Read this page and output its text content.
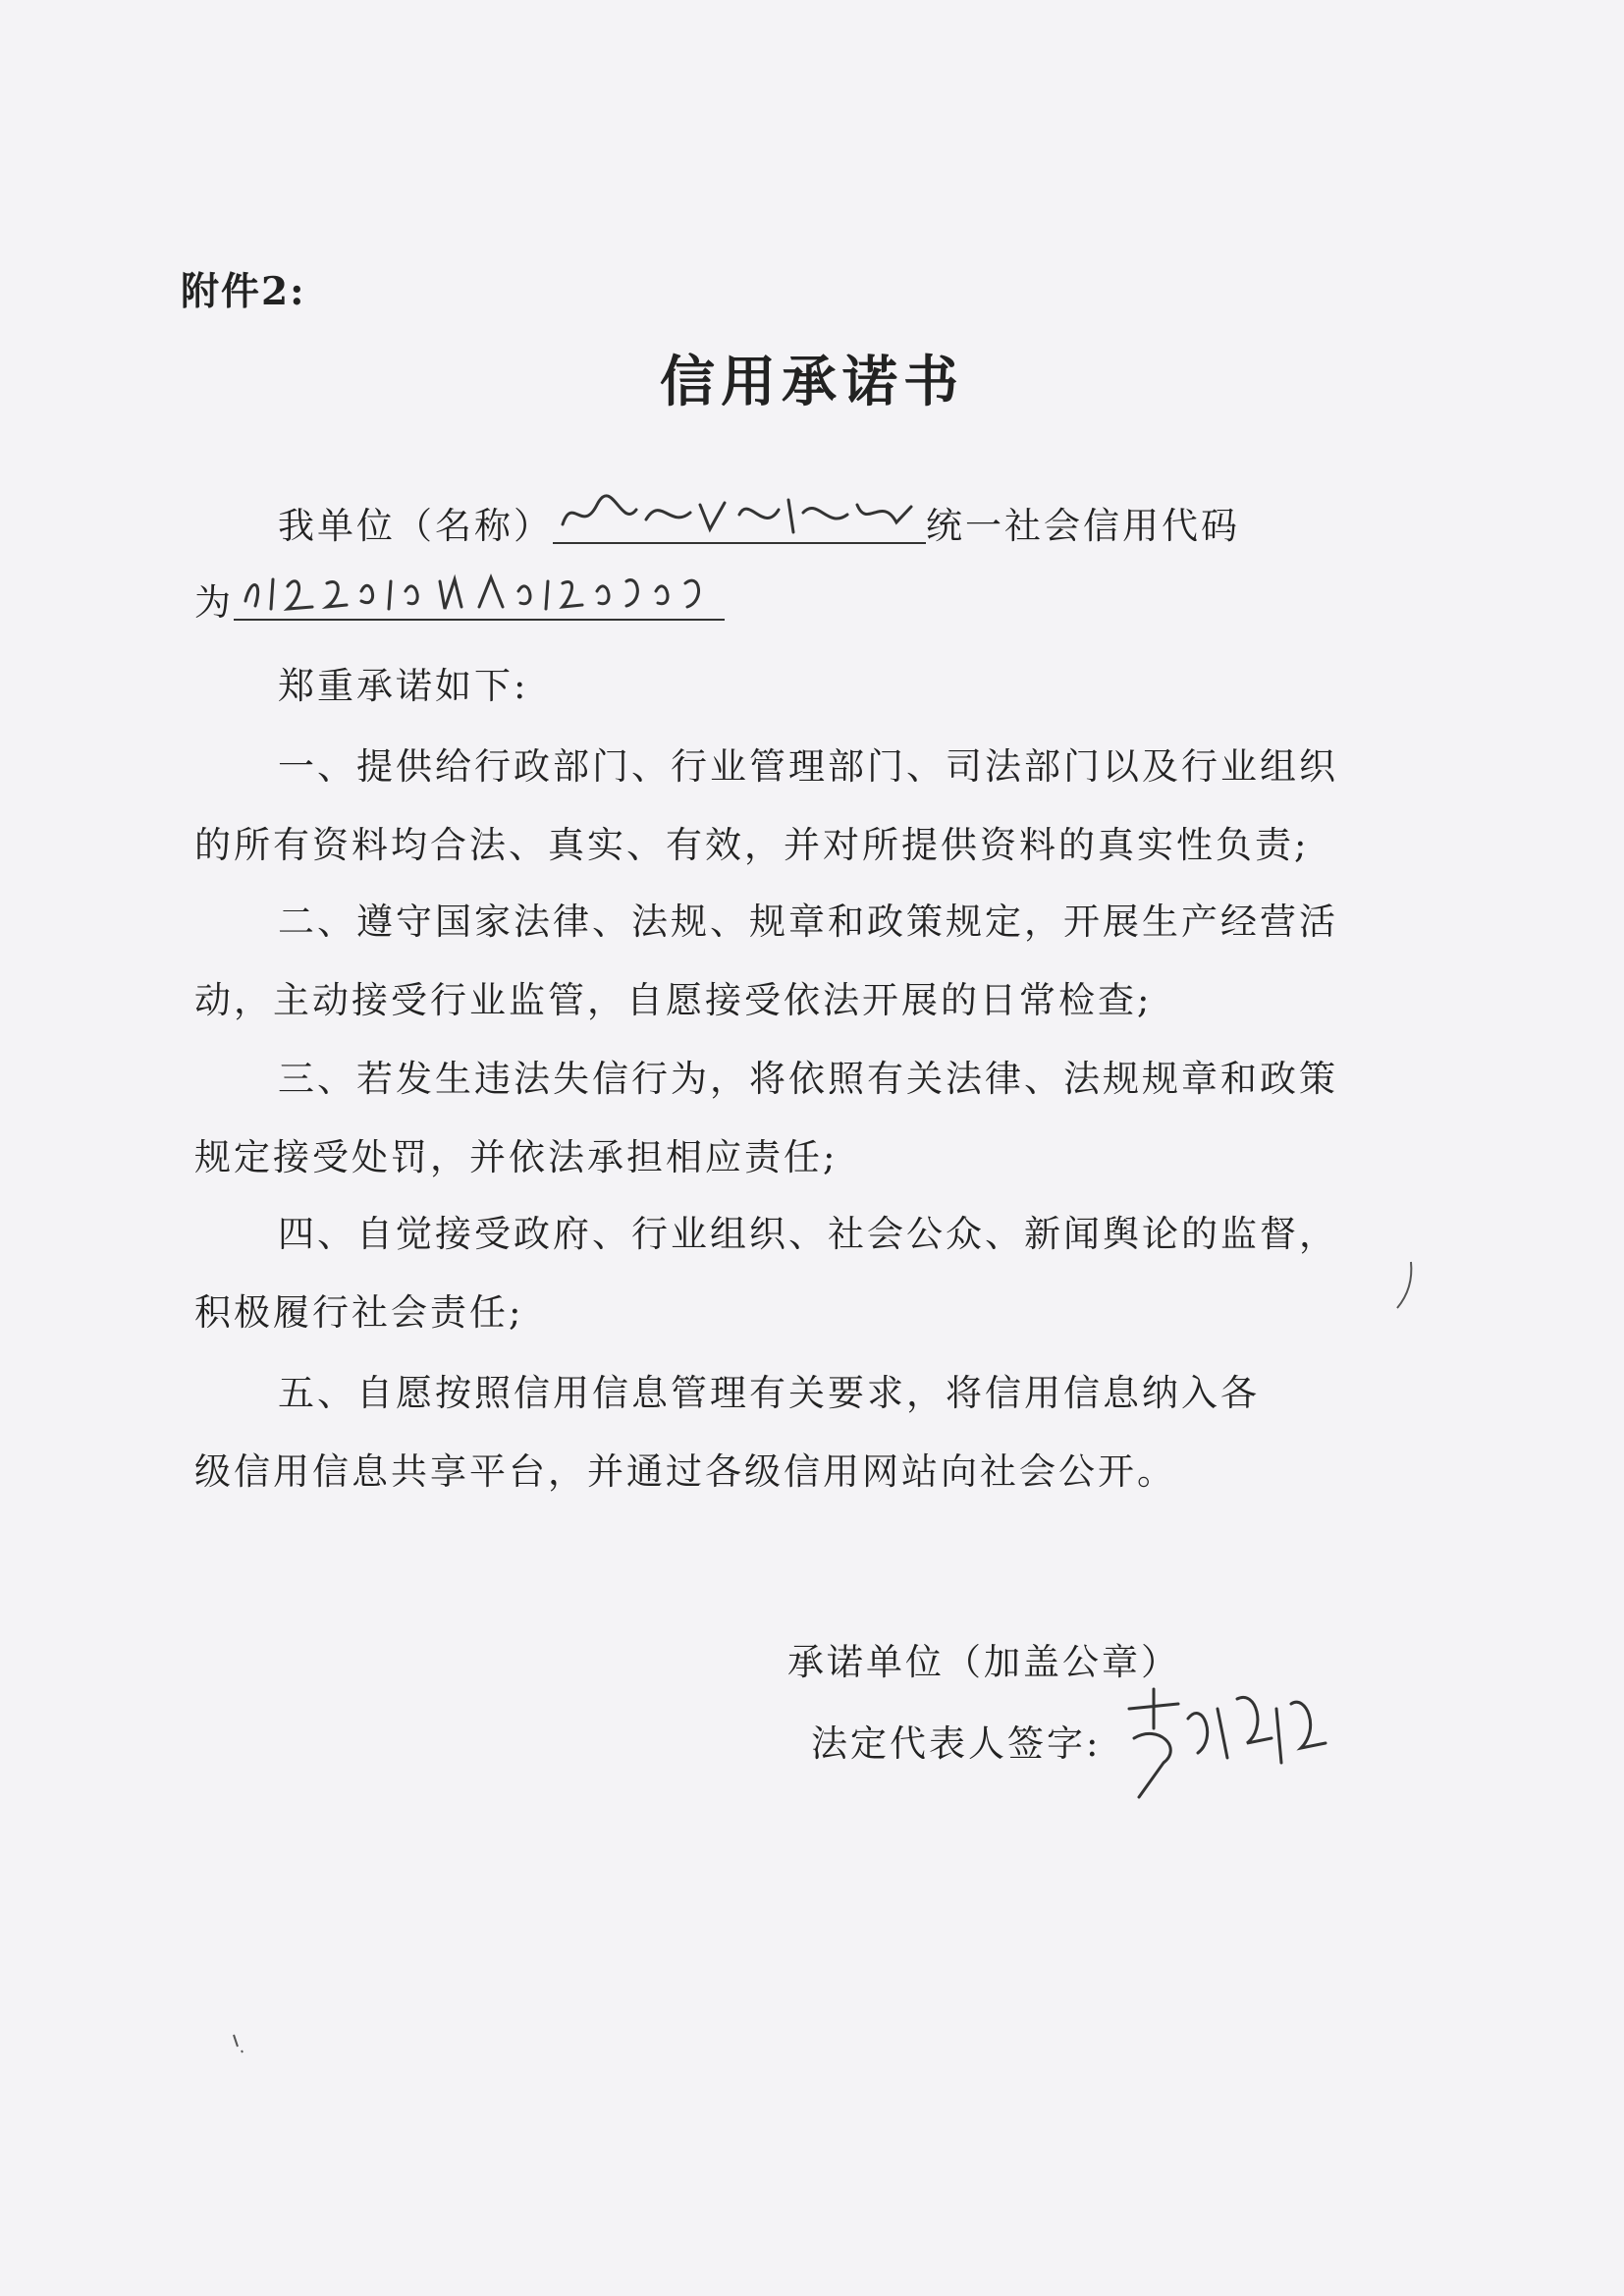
附件2:
信用承诺书
我单位（名称）	统一社会信用代码
为
郑重承诺如下:
一、提供给行政部门、行业管理部门、司法部门以及行业组织
的所有资料均合法、真实、有效，并对所提供资料的真实性负责;
二、遵守国家法律、法规、规章和政策规定，开展生产经营活
动，主动接受行业监管，自愿接受依法开展的日常检查;
三、若发生违法失信行为，将依照有关法律、法规规章和政策
规定接受处罚，并依法承担相应责任;
四、自觉接受政府、行业组织、社会公众、新闻舆论的监督，
积极履行社会责任;
五、自愿按照信用信息管理有关要求，将信用信息纳入各
级信用信息共享平台，并通过各级信用网站向社会公开。
承诺单位（加盖公章）
法定代表人签字:
